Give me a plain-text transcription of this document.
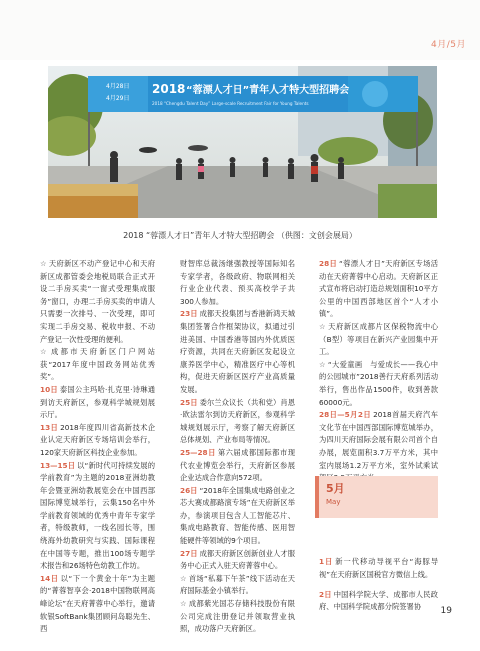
4月/5月
4月28日
4月29日
2018 “蓉漂人才日”青年人才特大型招聘会
2018 “Chengdu Talent Day” Large-scale Recruitment Fair for Young Talents
2018 “蓉漂人才日”青年人才特大型招聘会 （供图：文创会展局）

☆ 天府新区不动产登记中心和天府新区成都管委会地税局联合正式开设二手房买卖“一窗式受理集成服务”窗口，办理二手房买卖的申请人只需要一次排号、一次受理，即可实现二手房交易、税收申报、不动产登记一次性受理的便利。

☆ 成都市天府新区门户网站获“2017年度中国政务网站优秀奖”。

10日 泰国公主玛哈·扎克里·诗琳通到访天府新区，参观科学城规划展示厅。

13日 2018年度四川省高新技术企业认定天府新区专场培训会举行，120家天府新区科技企业参加。

13—15日 以“新时代可持续发展的学前教育”为主题的2018亚洲幼教年会暨亚洲幼教展览会在中国西部国际博览城举行，云集150名中外学前教育领域的优秀中青年专家学者，特级教师，一线名园长等，围绕海外幼教研究与实践、国际课程在中国等专题，推出100场专题学术报告和26场特色幼教工作坊。

14日 以“下一个黄金十年”为主题的“菁蓉智享会·2018中国物联网高峰论坛”在天府菁蓉中心举行，邀请软银SoftBank集团顾问岛聪先生、西

财智库总裁汤继强教授等国际知名专家学者，各级政府、物联网相关行业企业代表、预买高校学子共300人参加。

23日 成都天投集团与香港新鸿天城集团签署合作框架协议，拟通过引进美国、中国香港等国内外优质医疗资源，共同在天府新区发起设立康养医学中心，精准医疗中心等机构，促进天府新区医疗产业高质量发展。

25日 委尔兰众议长（共和党）肖恩·欧法雷尔到访天府新区，参观科学城规划展示厅，考察了解天府新区总体规划、产业布局等情况。

25—28日 第六届成都国际都市现代农业博览会举行，天府新区参展企业达成合作意向572项。

26日 “2018年全国集成电路创业之芯大赛成都路演专场”在天府新区举办，参演项目包含人工智能芯片、集成电路教育、智能传感、医用智能硬件等领域的9个项目。

27日 成都天府新区创新创业人才服务中心正式入驻天府菁蓉中心。

☆ 首场“私募下午茶”线下活动在天府国际基金小镇举行。

☆ 成都紫光国芯存储科技股份有限公司完成注册登记并领取营业执照，成功落户天府新区。

28日 “蓉漂人才日”天府新区专场活动在天府菁蓉中心启动。天府新区正式宣布将启动打造总规划面积10平方公里的中国西部地区首个“人才小镇”。

☆ 天府新区成都片区保税物流中心（B型）等项目在新兴产业园集中开工。

☆ “大爱童画　与爱成长——我心中的公园城市”2018善行天府系列活动举行，售出作品1500件，收到善款60000元。

28日—5月2日 2018首届天府汽车文化节在中国西部国际博览城举办，为四川天府国际会展有限公司首个自办展，展览面积3.7万平方米，其中室内展场1.2万平方米，室外试乘试

5月
May

1日 新一代移动导视平台“海豚导视”在天府新区国税官方微信上线。

2日 中国科学院大学、成都市人民政府、中国科学院成都分院签署协	19
